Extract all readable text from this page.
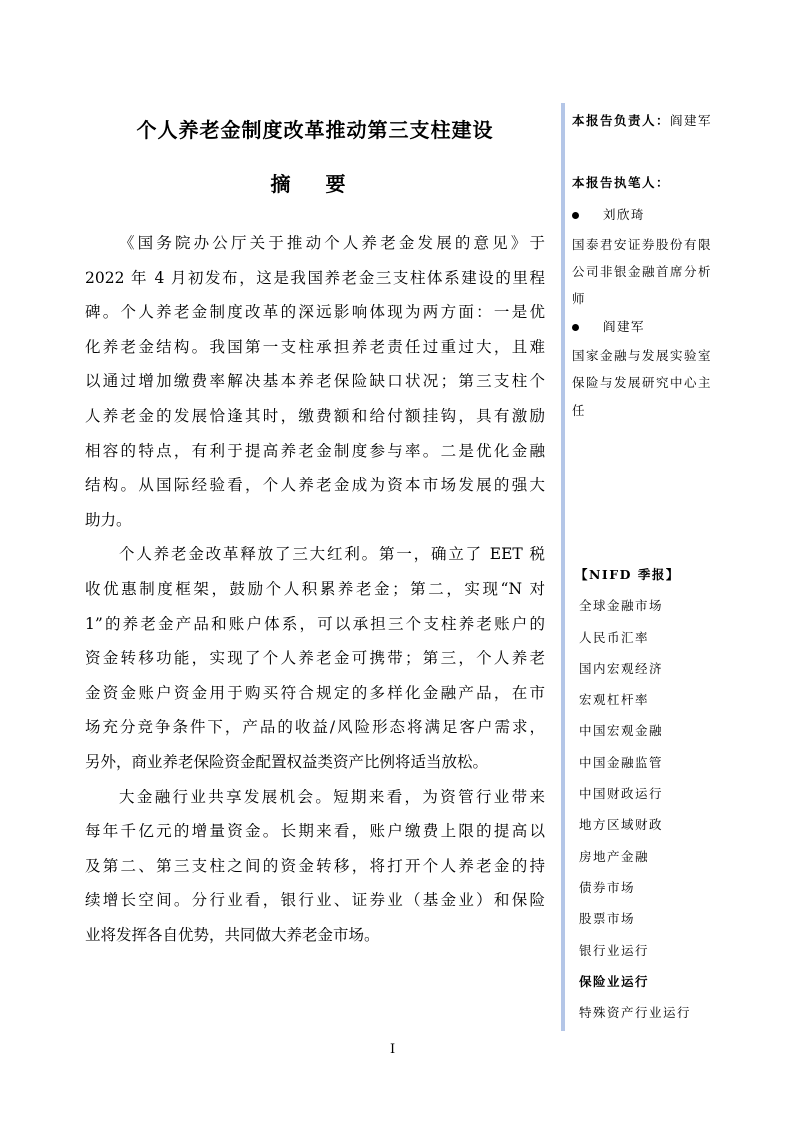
个人养老金制度改革推动第三支柱建设
摘 要
《国务院办公厅关于推动个人养老金发展的意见》于
2022 年 4 月初发布，这是我国养老金三支柱体系建设的里程
碑。个人养老金制度改革的深远影响体现为两方面：一是优
化养老金结构。我国第一支柱承担养老责任过重过大，且难
以通过增加缴费率解决基本养老保险缺口状况；第三支柱个
人养老金的发展恰逢其时，缴费额和给付额挂钩，具有激励
相容的特点，有利于提高养老金制度参与率。二是优化金融
结构。从国际经验看，个人养老金成为资本市场发展的强大
助力。
个人养老金改革释放了三大红利。第一，确立了 EET 税
收优惠制度框架，鼓励个人积累养老金；第二，实现“N 对
1”的养老金产品和账户体系，可以承担三个支柱养老账户的
资金转移功能，实现了个人养老金可携带；第三，个人养老
金资金账户资金用于购买符合规定的多样化金融产品，在市
场充分竞争条件下，产品的收益/风险形态将满足客户需求，
另外，商业养老保险资金配置权益类资产比例将适当放松。
大金融行业共享发展机会。短期来看，为资管行业带来
每年千亿元的增量资金。长期来看，账户缴费上限的提高以
及第二、第三支柱之间的资金转移，将打开个人养老金的持
续增长空间。分行业看，银行业、证券业（基金业）和保险
业将发挥各自优势，共同做大养老金市场。
本报告负责人：阎建军
本报告执笔人：
刘欣琦
国泰君安证券股份有限
公司非银金融首席分析
师
阎建军
国家金融与发展实验室
保险与发展研究中心主
任
【NIFD 季报】
全球金融市场
人民币汇率
国内宏观经济
宏观杠杆率
中国宏观金融
中国金融监管
中国财政运行
地方区域财政
房地产金融
债券市场
股票市场
银行业运行
保险业运行
特殊资产行业运行
I
